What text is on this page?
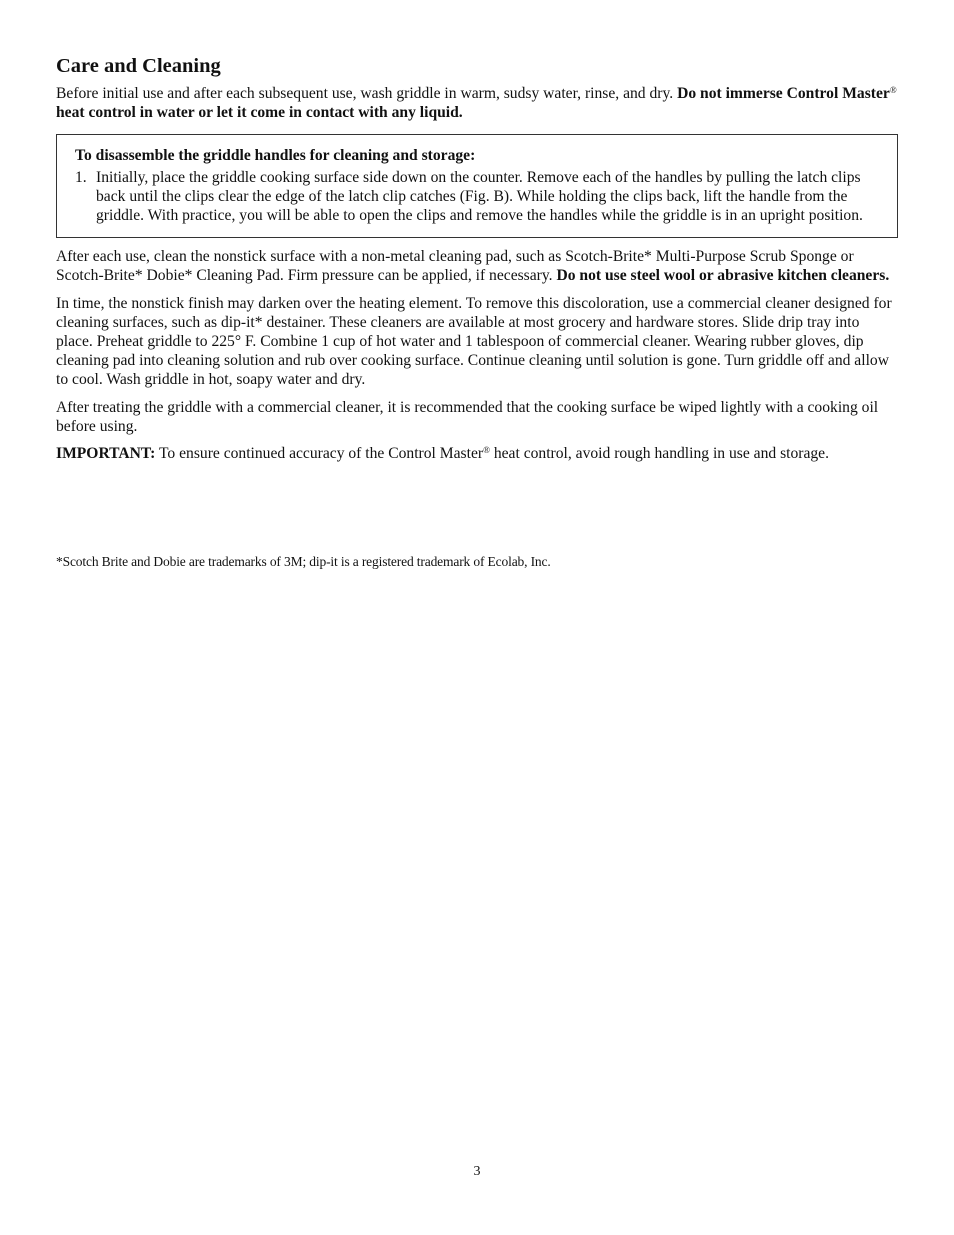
Care and Cleaning

Before initial use and after each subsequent use, wash griddle in warm, sudsy water, rinse, and dry. Do not immerse Control Master® heat control in water or let it come in contact with any liquid.

To disassemble the griddle handles for cleaning and storage:
1. Initially, place the griddle cooking surface side down on the counter. Remove each of the handles by pulling the latch clips back until the clips clear the edge of the latch clip catches (Fig. B). While holding the clips back, lift the handle from the griddle. With practice, you will be able to open the clips and remove the handles while the griddle is in an upright position.

After each use, clean the nonstick surface with a non-metal cleaning pad, such as Scotch-Brite* Multi-Purpose Scrub Sponge or Scotch-Brite* Dobie* Cleaning Pad. Firm pressure can be applied, if necessary. Do not use steel wool or abrasive kitchen cleaners.

In time, the nonstick finish may darken over the heating element. To remove this discoloration, use a commercial cleaner designed for cleaning surfaces, such as dip-it* destainer. These cleaners are available at most grocery and hardware stores. Slide drip tray into place. Preheat griddle to 225° F. Combine 1 cup of hot water and 1 tablespoon of commercial cleaner. Wearing rubber gloves, dip cleaning pad into cleaning solution and rub over cooking surface. Continue cleaning until solution is gone. Turn griddle off and allow to cool. Wash griddle in hot, soapy water and dry.

After treating the griddle with a commercial cleaner, it is recommended that the cooking surface be wiped lightly with a cooking oil before using.

IMPORTANT: To ensure continued accuracy of the Control Master® heat control, avoid rough handling in use and storage.

*Scotch Brite and Dobie are trademarks of 3M; dip-it is a registered trademark of Ecolab, Inc.
3
